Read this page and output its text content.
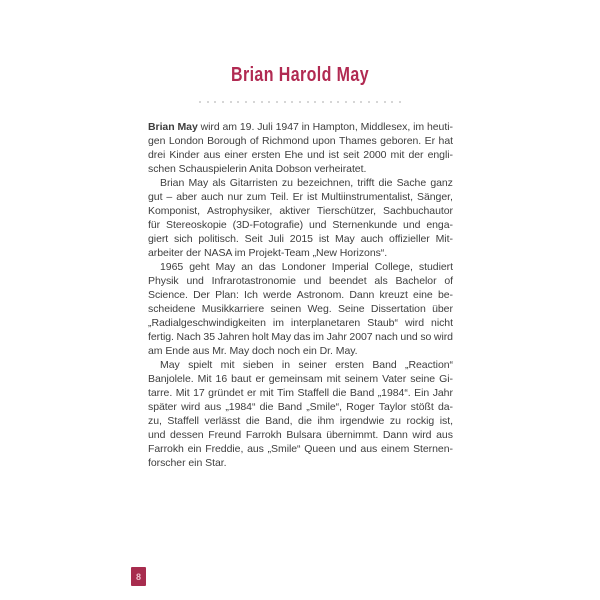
Brian Harold May
Brian May wird am 19. Juli 1947 in Hampton, Middlesex, im heuti-
gen London Borough of Richmond upon Thames geboren. Er hat
drei Kinder aus einer ersten Ehe und ist seit 2000 mit der engli-
schen Schauspielerin Anita Dobson verheiratet.
Brian May als Gitarristen zu bezeichnen, trifft die Sache ganz
gut – aber auch nur zum Teil. Er ist Multiinstrumentalist, Sänger,
Komponist, Astrophysiker, aktiver Tierschützer, Sachbuchautor
für Stereoskopie (3D-Fotografie) und Sternenkunde und enga-
giert sich politisch. Seit Juli 2015 ist May auch offizieller Mit-
arbeiter der NASA im Projekt-Team „New Horizons“.
1965 geht May an das Londoner Imperial College, studiert
Physik und Infrarotastronomie und beendet als Bachelor of
Science. Der Plan: Ich werde Astronom. Dann kreuzt eine be-
scheidene Musikkarriere seinen Weg. Seine Dissertation über
„Radialgeschwindigkeiten im interplanetaren Staub“ wird nicht
fertig. Nach 35 Jahren holt May das im Jahr 2007 nach und so wird
am Ende aus Mr. May doch noch ein Dr. May.
May spielt mit sieben in seiner ersten Band „Reaction“
Banjolele. Mit 16 baut er gemeinsam mit seinem Vater seine Gi-
tarre. Mit 17 gründet er mit Tim Staffell die Band „1984“. Ein Jahr
später wird aus „1984“ die Band „Smile“, Roger Taylor stößt da-
zu, Staffell verlässt die Band, die ihm irgendwie zu rockig ist,
und dessen Freund Farrokh Bulsara übernimmt. Dann wird aus
Farrokh ein Freddie, aus „Smile“ Queen und aus einem Sternen-
forscher ein Star.
8
